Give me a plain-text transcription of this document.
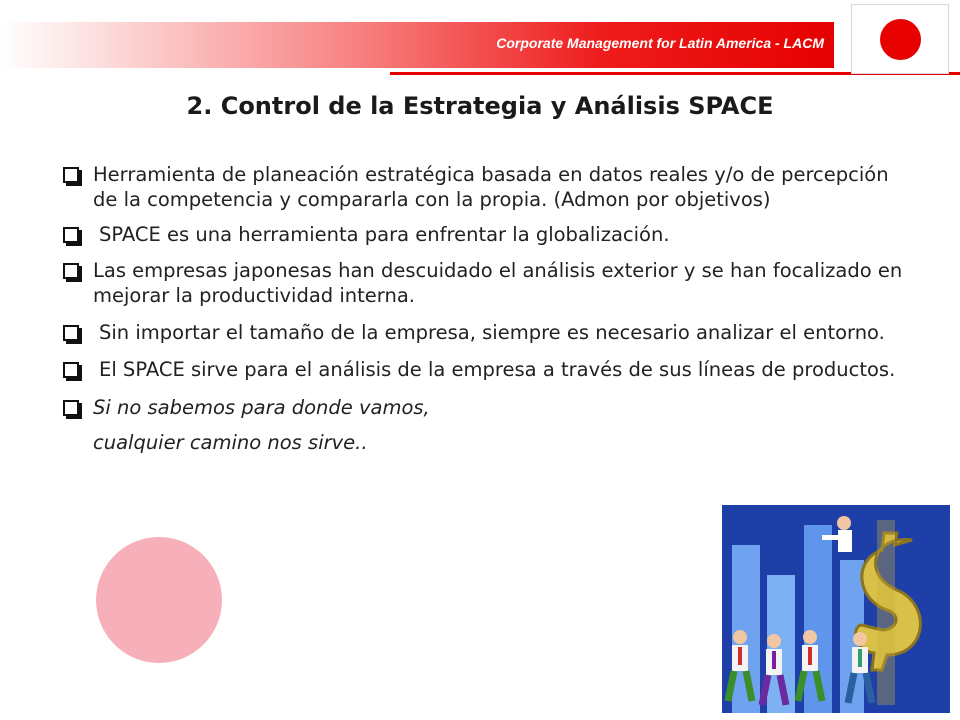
Corporate Management for Latin America - LACM
2. Control de la Estrategia y Análisis SPACE
Herramienta de planeación estratégica basada en datos reales y/o de percepción de la competencia y compararla con la propia. (Admon por objetivos)
SPACE es una herramienta para enfrentar la globalización.
Las empresas japonesas han descuidado el análisis exterior y se han focalizado en mejorar la productividad interna.
Sin importar el tamaño de la empresa, siempre es necesario analizar el entorno.
El SPACE sirve para el análisis de la empresa a través de sus líneas de productos.
Si no sabemos para donde vamos,
cualquier camino nos sirve..
